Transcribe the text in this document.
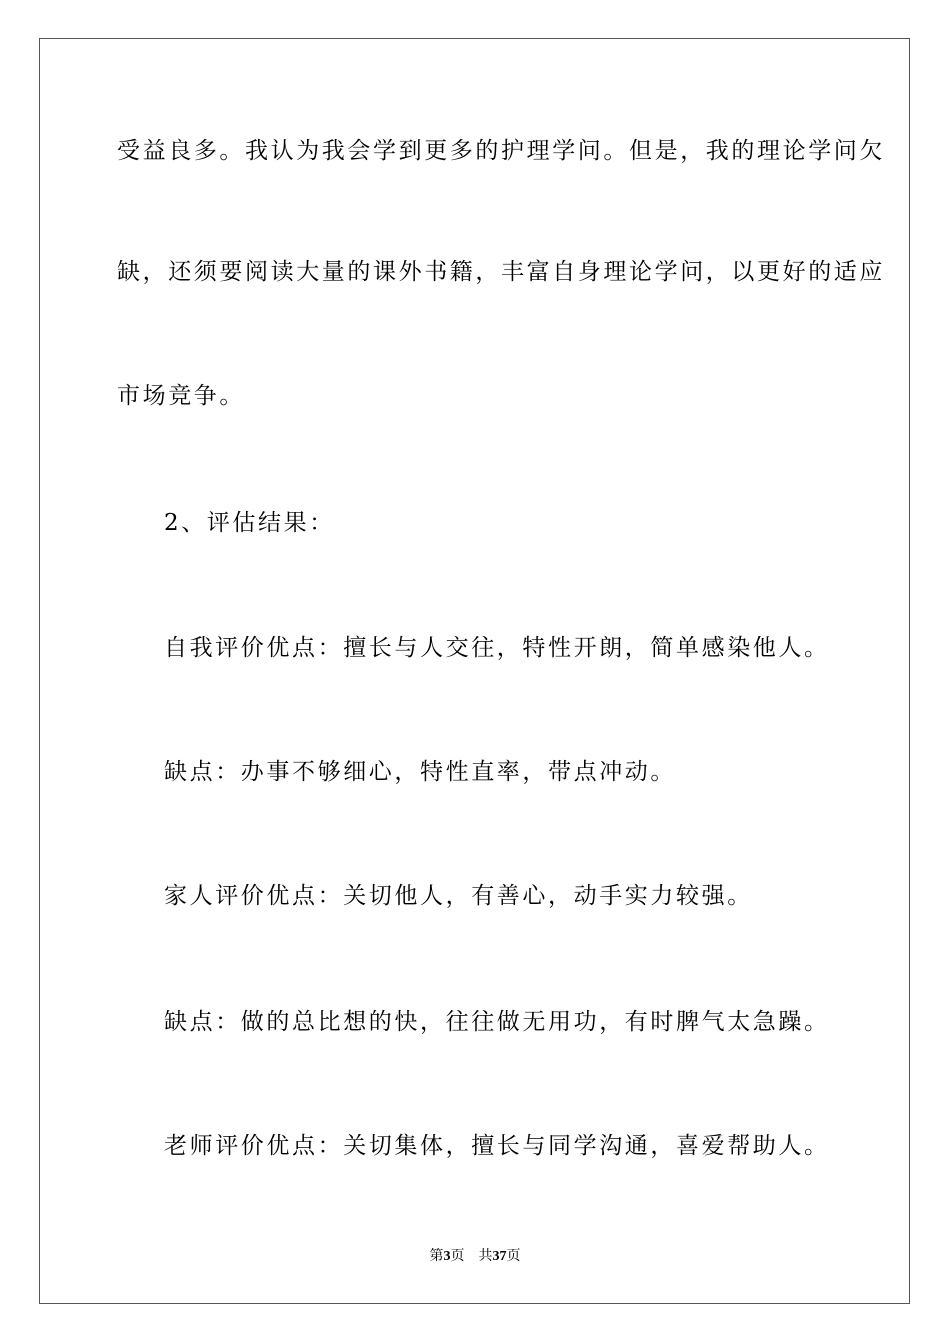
受益良多。我认为我会学到更多的护理学问。但是，我的理论学问欠
缺，还须要阅读大量的课外书籍，丰富自身理论学问，以更好的适应
市场竞争。
2、评估结果：
自我评价优点：擅长与人交往，特性开朗，简单感染他人。
缺点：办事不够细心，特性直率，带点冲动。
家人评价优点：关切他人，有善心，动手实力较强。
缺点：做的总比想的快，往往做无用功，有时脾气太急躁。
老师评价优点：关切集体，擅长与同学沟通，喜爱帮助人。
第3页 共37页
